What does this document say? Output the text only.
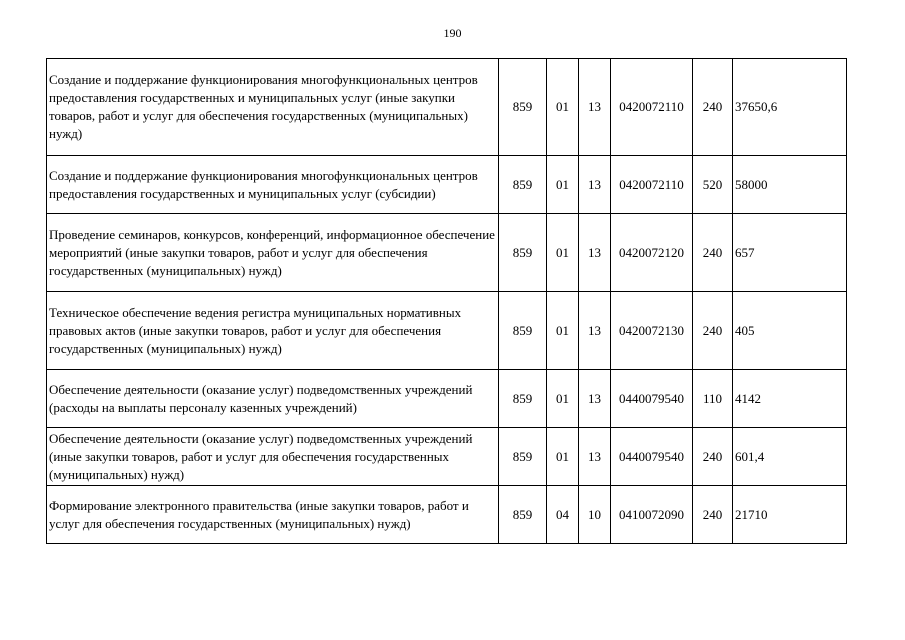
190
Создание и поддержание функционирования многофункциональных центров предоставления государственных и муниципальных услуг (иные закупки товаров, работ и услуг для обеспечения государственных (муниципальных) нужд)	859	01	13	0420072110	240	37650,6
Создание и поддержание функционирования многофункциональных центров предоставления государственных и муниципальных услуг (субсидии)	859	01	13	0420072110	520	58000
Проведение семинаров, конкурсов, конференций, информационное обеспечение мероприятий (иные закупки товаров, работ и услуг для обеспечения государственных (муниципальных) нужд)	859	01	13	0420072120	240	657
Техническое обеспечение ведения регистра муниципальных нормативных правовых актов (иные закупки товаров, работ и услуг для обеспечения государственных (муниципальных) нужд)	859	01	13	0420072130	240	405
Обеспечение деятельности (оказание услуг) подведомственных учреждений (расходы на выплаты персоналу казенных учреждений)	859	01	13	0440079540	110	4142
Обеспечение деятельности (оказание услуг) подведомственных учреждений (иные закупки товаров, работ и услуг для обеспечения государственных (муниципальных) нужд)	859	01	13	0440079540	240	601,4
Формирование электронного правительства (иные закупки товаров, работ и услуг для обеспечения государственных (муниципальных) нужд)	859	04	10	0410072090	240	21710
